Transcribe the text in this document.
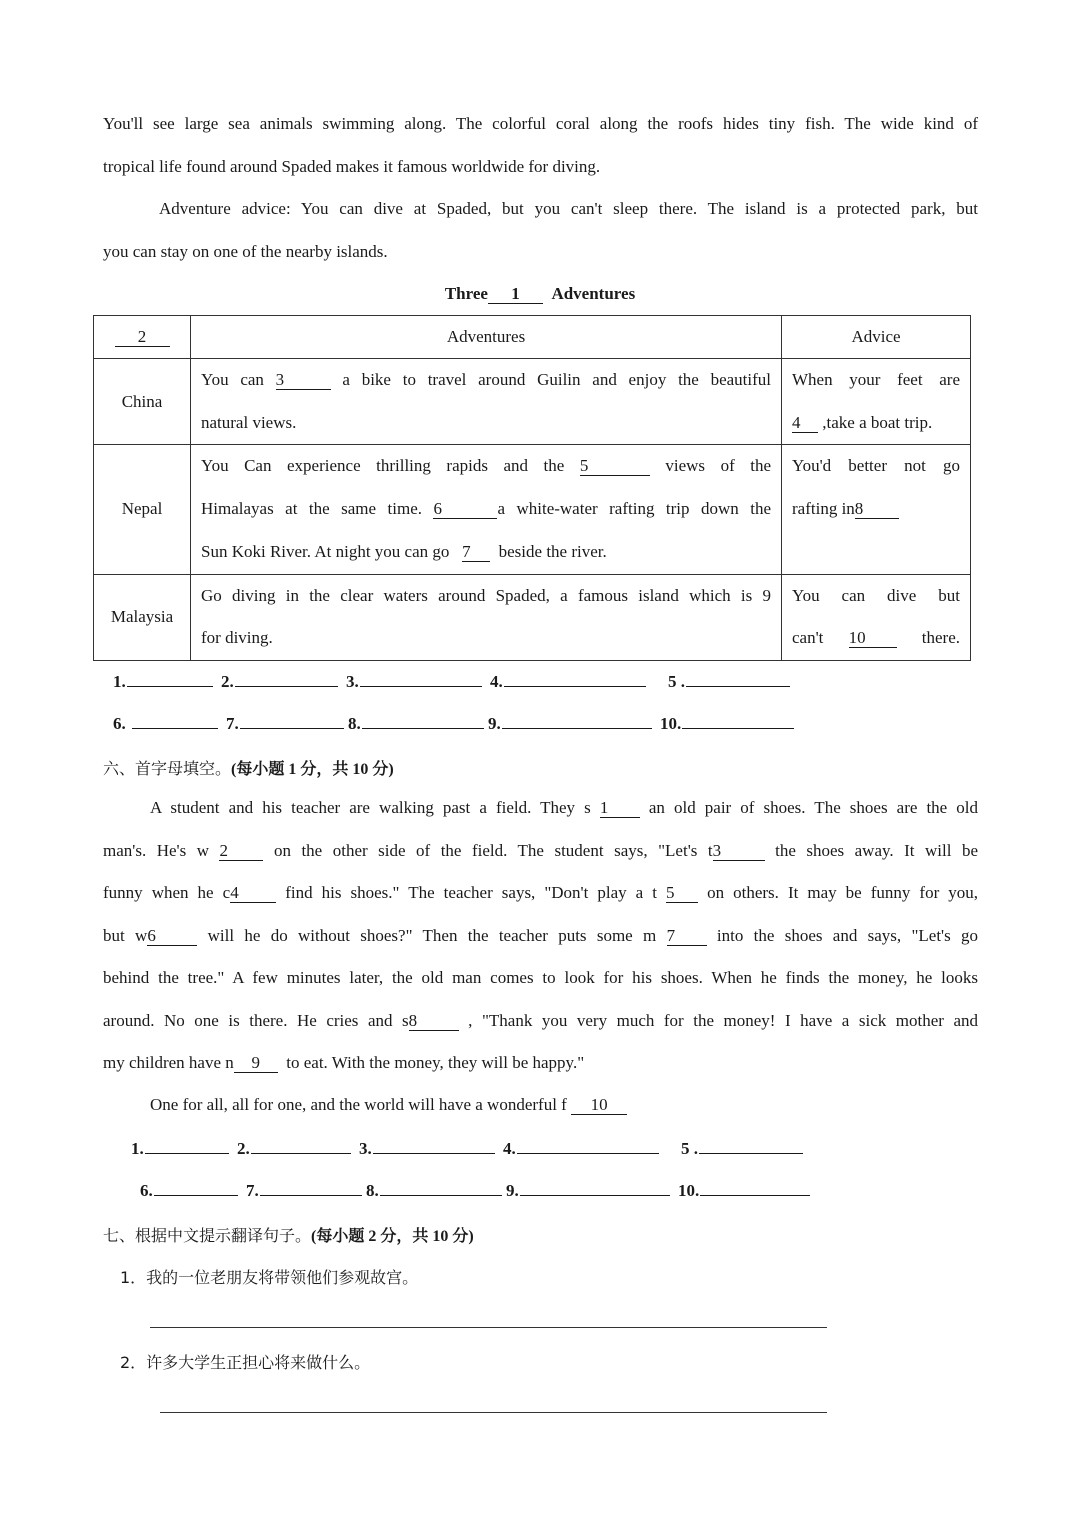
You'll see large sea animals swimming along. The colorful coral along the roofs hides tiny fish. The wide kind of
tropical life found around Spaded makes it famous worldwide for diving.
Adventure advice: You can dive at Spaded, but you can't sleep there. The island is a protected park, but
you can stay on one of the nearby islands.
Three 1 Adventures
2	Adventures	Advice
China	You can 3 a bike to travel around Guilin and enjoy the beautiful
natural views.	When your feet are
4 ,take a boat trip.

Nepal	You Can experience thrilling rapids and the 5 views of the
Himalayas at the same time. 6 a white-water rafting trip down the
Sun Koki River. At night you can go 7 beside the river.	You'd better not go
rafting in8

Malaysia	Go diving in the clear waters around Spaded, a famous island which is 9
for diving.	You can dive but
can't 10 there.
1.	2.	3.	4.	5 .
6.	7.	8.	9.	10.
六、首字母填空。(每小题 1 分，共 10 分)
A student and his teacher are walking past a field. They s 1 an old pair of shoes. The shoes are the old
man's. He's w 2	on the other side of the field. The student says, "Let's t3	the shoes away. It will be
funny when he c4	find his shoes." The teacher says, "Don't play a t 5 on others. It may be funny for you,
but w6	will he do without shoes?" Then the teacher puts some m 7 into the shoes and says, "Let's go
behind the tree." A few minutes later, the old man comes to look for his shoes. When he finds the money, he looks
around. No one is there. He cries and s8	, "Thank you very much for the money! I have a sick mother and
my children have n 9 to eat. With the money, they will be happy."
One for all, all for one, and the world will have a wonderful f 10
1.	2.	3.	4.	5 .
6.	7.	8.	9.	10.
七、根据中文提示翻译句子。(每小题 2 分，共 10 分)
1．我的一位老朋友将带领他们参观故宫。
2．许多大学生正担心将来做什么。
